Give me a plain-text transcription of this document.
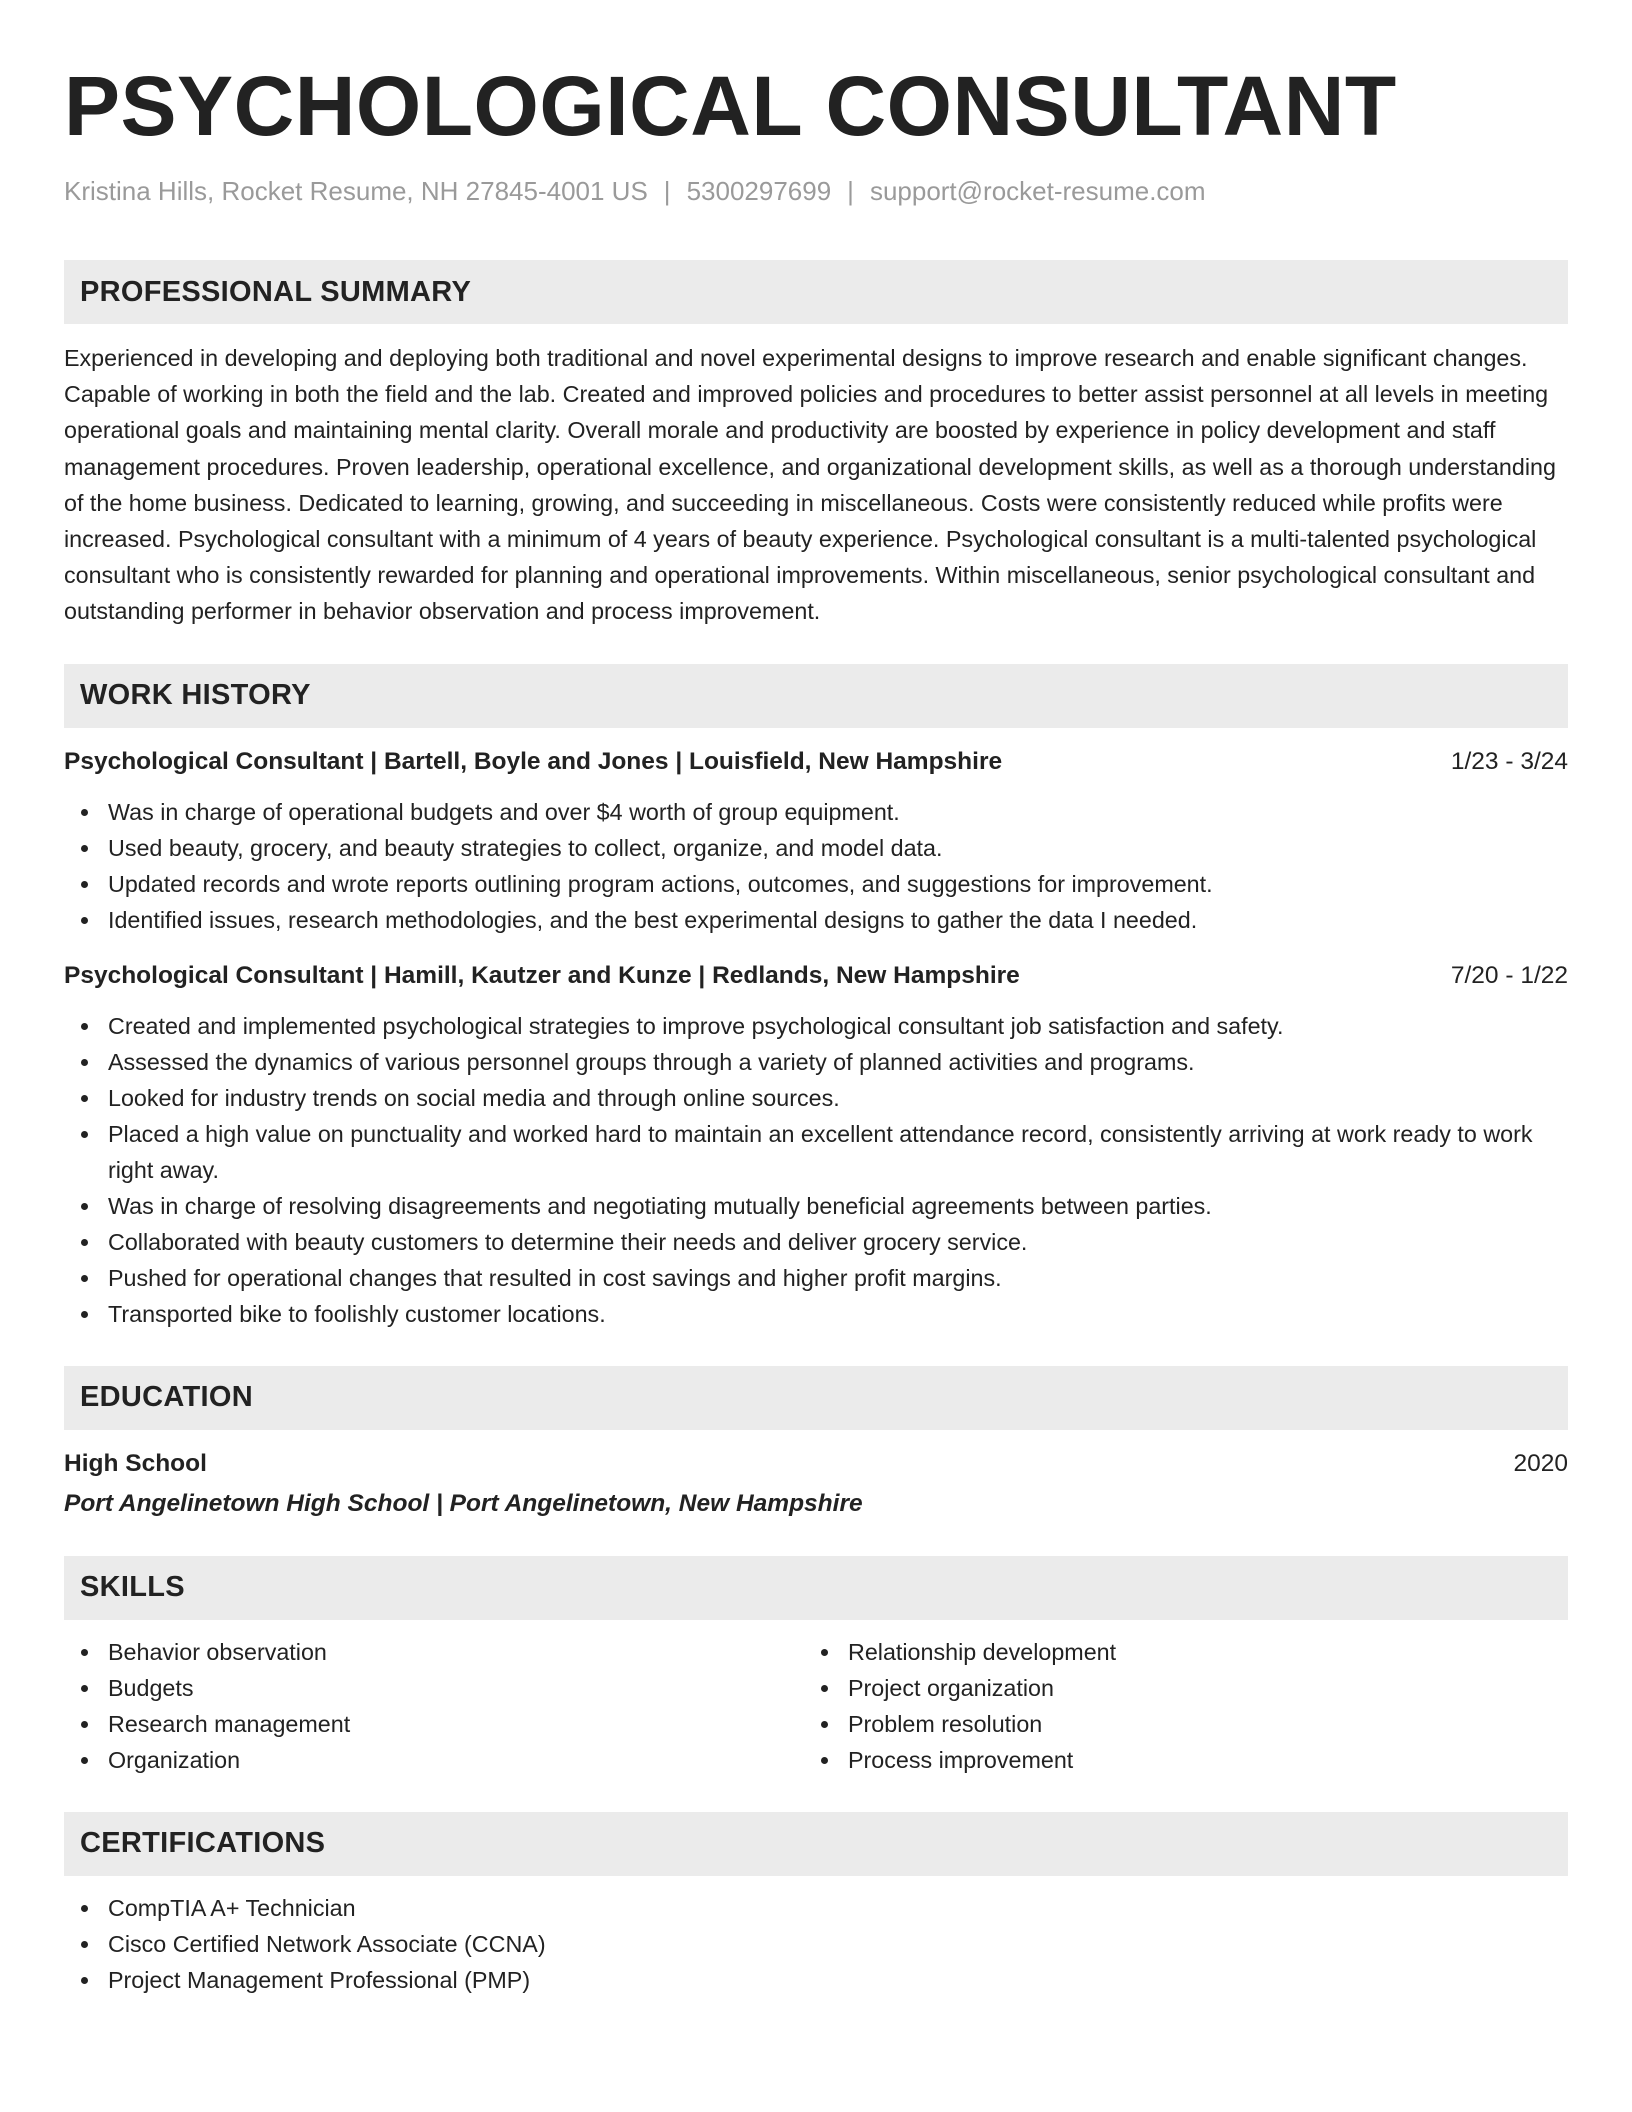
PSYCHOLOGICAL CONSULTANT
Kristina Hills, Rocket Resume, NH 27845-4001 US | 5300297699 | support@rocket-resume.com
PROFESSIONAL SUMMARY

Experienced in developing and deploying both traditional and novel experimental designs to improve research and enable significant changes. Capable of working in both the field and the lab. Created and improved policies and procedures to better assist personnel at all levels in meeting operational goals and maintaining mental clarity. Overall morale and productivity are boosted by experience in policy development and staff management procedures. Proven leadership, operational excellence, and organizational development skills, as well as a thorough understanding of the home business. Dedicated to learning, growing, and succeeding in miscellaneous. Costs were consistently reduced while profits were increased. Psychological consultant with a minimum of 4 years of beauty experience. Psychological consultant is a multi-talented psychological consultant who is consistently rewarded for planning and operational improvements. Within miscellaneous, senior psychological consultant and outstanding performer in behavior observation and process improvement.

WORK HISTORY
Psychological Consultant | Bartell, Boyle and Jones | Louisfield, New Hampshire	1/23 - 3/24
Was in charge of operational budgets and over $4 worth of group equipment.
Used beauty, grocery, and beauty strategies to collect, organize, and model data.
Updated records and wrote reports outlining program actions, outcomes, and suggestions for improvement.
Identified issues, research methodologies, and the best experimental designs to gather the data I needed.
Psychological Consultant | Hamill, Kautzer and Kunze | Redlands, New Hampshire	7/20 - 1/22
Created and implemented psychological strategies to improve psychological consultant job satisfaction and safety.
Assessed the dynamics of various personnel groups through a variety of planned activities and programs.
Looked for industry trends on social media and through online sources.
Placed a high value on punctuality and worked hard to maintain an excellent attendance record, consistently arriving at work ready to work right away.
Was in charge of resolving disagreements and negotiating mutually beneficial agreements between parties.
Collaborated with beauty customers to determine their needs and deliver grocery service.
Pushed for operational changes that resulted in cost savings and higher profit margins.
Transported bike to foolishly customer locations.
EDUCATION
High School	2020
Port Angelinetown High School | Port Angelinetown, New Hampshire
SKILLS
Behavior observation
Budgets
Research management
Organization
Relationship development
Project organization
Problem resolution
Process improvement
CERTIFICATIONS
CompTIA A+ Technician
Cisco Certified Network Associate (CCNA)
Project Management Professional (PMP)
